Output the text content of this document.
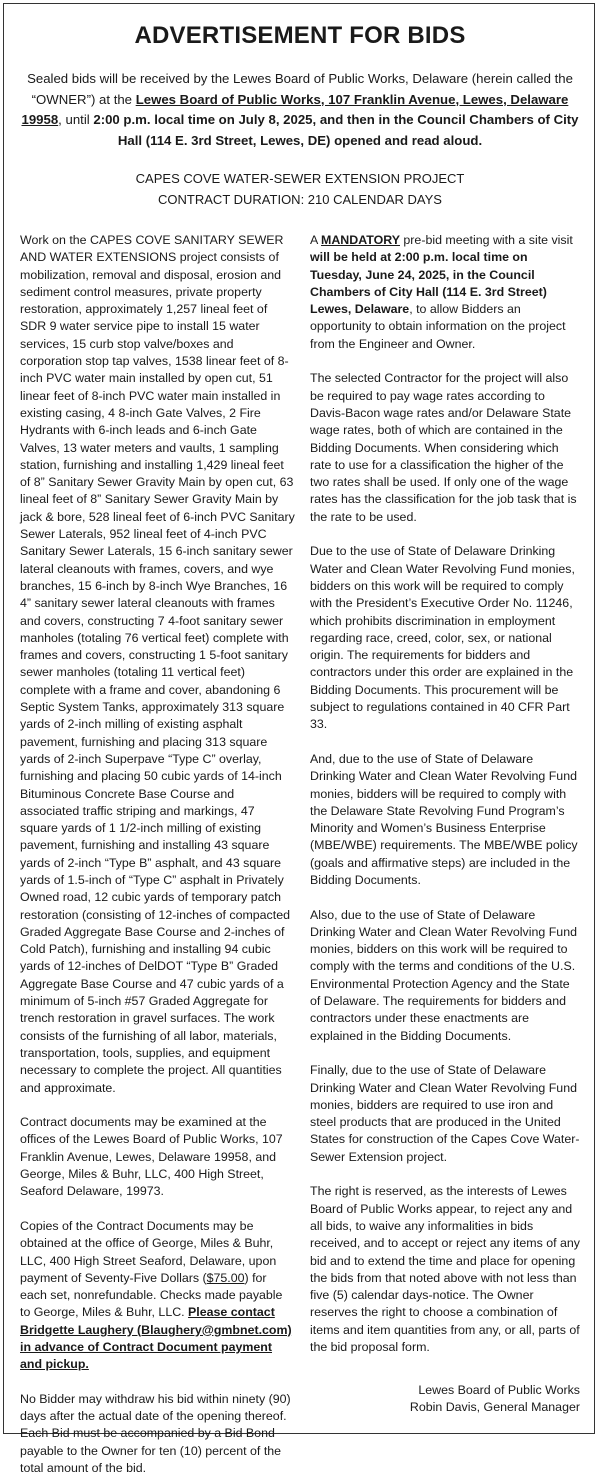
ADVERTISEMENT FOR BIDS

Sealed bids will be received by the Lewes Board of Public Works, Delaware (herein called the “OWNER”) at the Lewes Board of Public Works, 107 Franklin Avenue, Lewes, Delaware 19958, until 2:00 p.m. local time on July 8, 2025, and then in the Council Chambers of City Hall (114 E. 3rd Street, Lewes, DE) opened and read aloud.

CAPES COVE WATER-SEWER EXTENSION PROJECT
CONTRACT DURATION: 210 CALENDAR DAYS

Work on the CAPES COVE SANITARY SEWER AND WATER EXTENSIONS project consists of mobilization, removal and disposal, erosion and sediment control measures, private property restoration, approximately 1,257 lineal feet of SDR 9 water service pipe to install 15 water services, 15 curb stop valve/boxes and corporation stop tap valves, 1538 linear feet of 8-inch PVC water main installed by open cut, 51 linear feet of 8-inch PVC water main installed in existing casing, 4 8-inch Gate Valves, 2 Fire Hydrants with 6-inch leads and 6-inch Gate Valves, 13 water meters and vaults, 1 sampling station, furnishing and installing 1,429 lineal feet of 8” Sanitary Sewer Gravity Main by open cut, 63 lineal feet of 8” Sanitary Sewer Gravity Main by jack & bore, 528 lineal feet of 6-inch PVC Sanitary Sewer Laterals, 952 lineal feet of 4-inch PVC Sanitary Sewer Laterals, 15 6-inch sanitary sewer lateral cleanouts with frames, covers, and wye branches, 15 6-inch by 8-inch Wye Branches, 16 4” sanitary sewer lateral cleanouts with frames and covers, constructing 7 4-foot sanitary sewer manholes (totaling 76 vertical feet) complete with frames and covers, constructing 1 5-foot sanitary sewer manholes (totaling 11 vertical feet) complete with a frame and cover, abandoning 6 Septic System Tanks, approximately 313 square yards of 2-inch milling of existing asphalt pavement, furnishing and placing 313 square yards of 2-inch Superpave “Type C” overlay, furnishing and placing 50 cubic yards of 14-inch Bituminous Concrete Base Course and associated traffic striping and markings, 47 square yards of 1 1/2-inch milling of existing pavement, furnishing and installing 43 square yards of 2-inch “Type B” asphalt, and 43 square yards of 1.5-inch of “Type C” asphalt in Privately Owned road, 12 cubic yards of temporary patch restoration (consisting of 12-inches of compacted Graded Aggregate Base Course and 2-inches of Cold Patch), furnishing and installing 94 cubic yards of 12-inches of DelDOT “Type B” Graded Aggregate Base Course and 47 cubic yards of a minimum of 5-inch #57 Graded Aggregate for trench restoration in gravel surfaces. The work consists of the furnishing of all labor, materials, transportation, tools, supplies, and equipment necessary to complete the project. All quantities and approximate.

Contract documents may be examined at the offices of the Lewes Board of Public Works, 107 Franklin Avenue, Lewes, Delaware 19958, and George, Miles & Buhr, LLC, 400 High Street, Seaford Delaware, 19973.

Copies of the Contract Documents may be obtained at the office of George, Miles & Buhr, LLC, 400 High Street Seaford, Delaware, upon payment of Seventy-Five Dollars ($75.00) for each set, nonrefundable. Checks made payable to George, Miles & Buhr, LLC. Please contact Bridgette Laughery (Blaughery@gmbnet.com) in advance of Contract Document payment and pickup.

No Bidder may withdraw his bid within ninety (90) days after the actual date of the opening thereof. Each Bid must be accompanied by a Bid Bond payable to the Owner for ten (10) percent of the total amount of the bid.

A MANDATORY pre-bid meeting with a site visit will be held at 2:00 p.m. local time on Tuesday, June 24, 2025, in the Council Chambers of City Hall (114 E. 3rd Street) Lewes, Delaware, to allow Bidders an opportunity to obtain information on the project from the Engineer and Owner.

The selected Contractor for the project will also be required to pay wage rates according to Davis-Bacon wage rates and/or Delaware State wage rates, both of which are contained in the Bidding Documents. When considering which rate to use for a classification the higher of the two rates shall be used. If only one of the wage rates has the classification for the job task that is the rate to be used.

Due to the use of State of Delaware Drinking Water and Clean Water Revolving Fund monies, bidders on this work will be required to comply with the President’s Executive Order No. 11246, which prohibits discrimination in employment regarding race, creed, color, sex, or national origin. The requirements for bidders and contractors under this order are explained in the Bidding Documents. This procurement will be subject to regulations contained in 40 CFR Part 33.

And, due to the use of State of Delaware Drinking Water and Clean Water Revolving Fund monies, bidders will be required to comply with the Delaware State Revolving Fund Program’s Minority and Women’s Business Enterprise (MBE/WBE) requirements. The MBE/WBE policy (goals and affirmative steps) are included in the Bidding Documents.

Also, due to the use of State of Delaware Drinking Water and Clean Water Revolving Fund monies, bidders on this work will be required to comply with the terms and conditions of the U.S. Environmental Protection Agency and the State of Delaware. The requirements for bidders and contractors under these enactments are explained in the Bidding Documents.

Finally, due to the use of State of Delaware Drinking Water and Clean Water Revolving Fund monies, bidders are required to use iron and steel products that are produced in the United States for construction of the Capes Cove Water-Sewer Extension project.

The right is reserved, as the interests of Lewes Board of Public Works appear, to reject any and all bids, to waive any informalities in bids received, and to accept or reject any items of any bid and to extend the time and place for opening the bids from that noted above with not less than five (5) calendar days-notice. The Owner reserves the right to choose a combination of items and item quantities from any, or all, parts of the bid proposal form.

Lewes Board of Public Works
Robin Davis, General Manager
